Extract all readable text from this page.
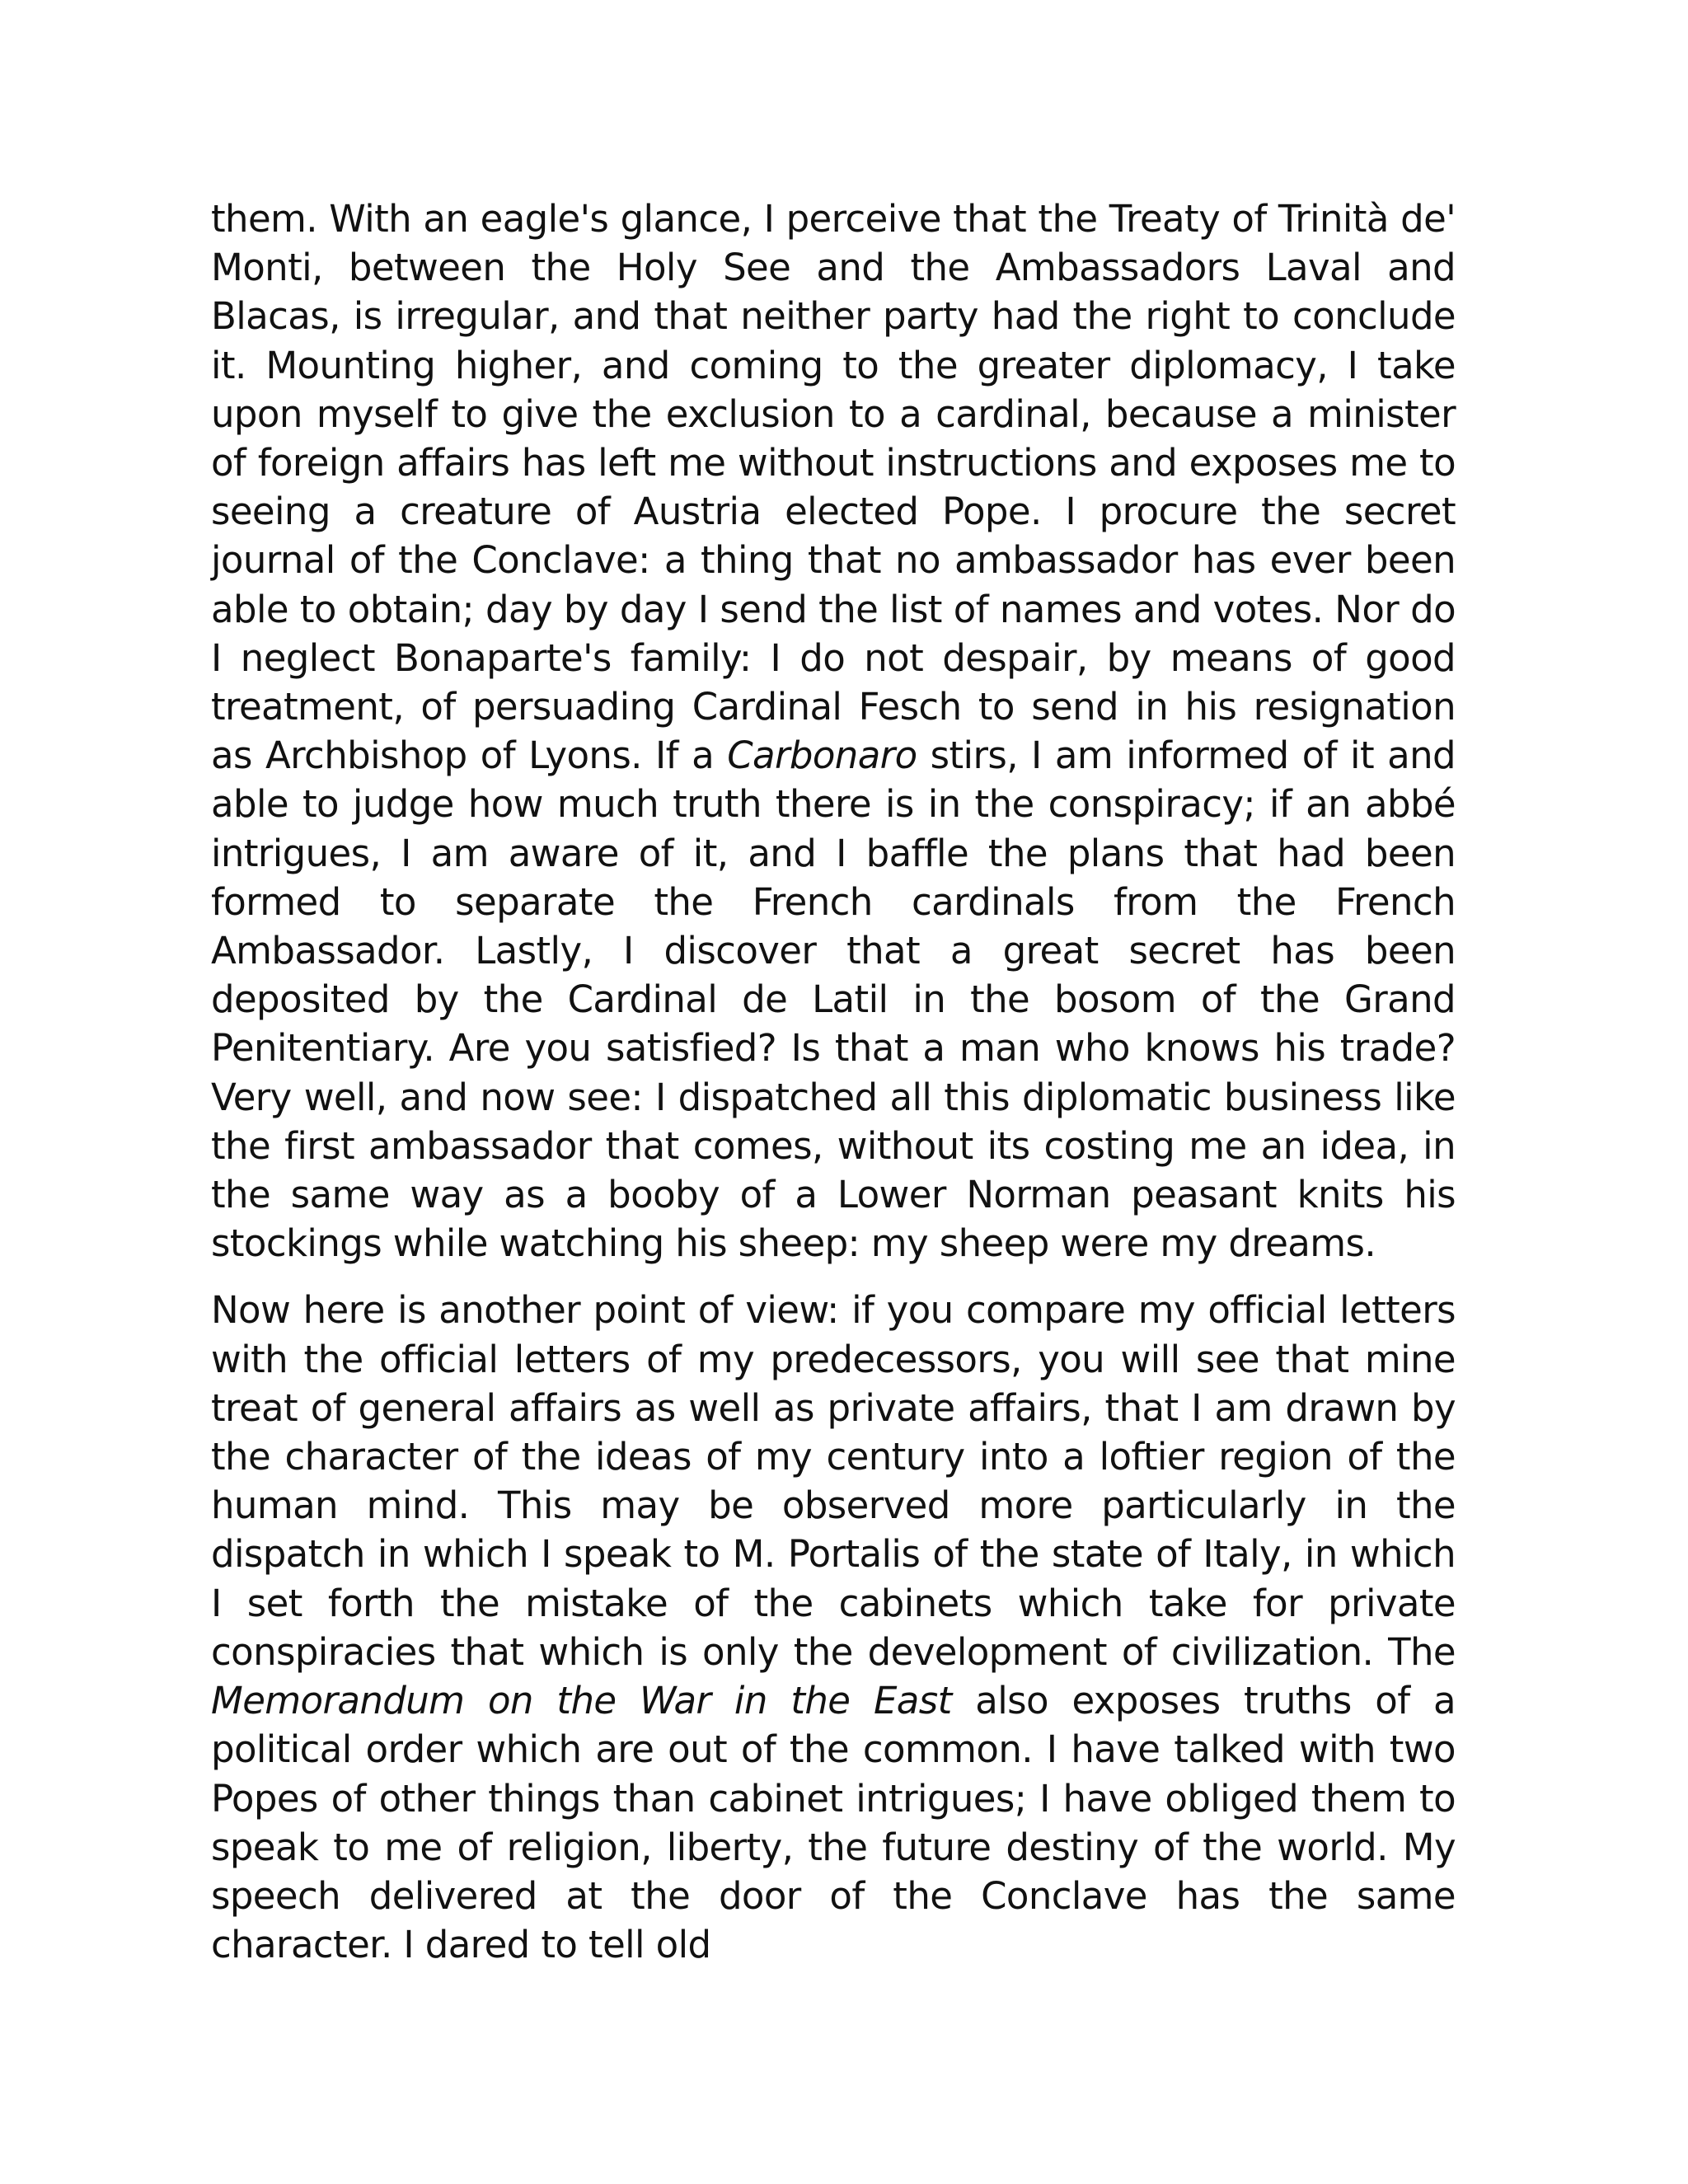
them. With an eagle's glance, I perceive that the Treaty of Trinità de' Monti, between the Holy See and the Ambassadors Laval and Blacas, is irregular, and that neither party had the right to conclude it. Mounting higher, and coming to the greater diplomacy, I take upon myself to give the exclusion to a cardinal, because a minister of foreign affairs has left me without instructions and exposes me to seeing a creature of Austria elected Pope. I procure the secret journal of the Conclave: a thing that no ambassador has ever been able to obtain; day by day I send the list of names and votes. Nor do I neglect Bonaparte's family: I do not despair, by means of good treatment, of persuading Cardinal Fesch to send in his resignation as Archbishop of Lyons. If a Carbonaro stirs, I am informed of it and able to judge how much truth there is in the conspiracy; if an abbé intrigues, I am aware of it, and I baffle the plans that had been formed to separate the French cardinals from the French Ambassador. Lastly, I discover that a great secret has been deposited by the Cardinal de Latil in the bosom of the Grand Penitentiary. Are you satisfied? Is that a man who knows his trade? Very well, and now see: I dispatched all this diplomatic business like the first ambassador that comes, without its costing me an idea, in the same way as a booby of a Lower Norman peasant knits his stockings while watching his sheep: my sheep were my dreams.

Now here is another point of view: if you compare my official letters with the official letters of my predecessors, you will see that mine treat of general affairs as well as private affairs, that I am drawn by the character of the ideas of my century into a loftier region of the human mind. This may be observed more particularly in the dispatch in which I speak to M. Portalis of the state of Italy, in which I set forth the mistake of the cabinets which take for private conspiracies that which is only the development of civilization. The Memorandum on the War in the East also exposes truths of a political order which are out of the common. I have talked with two Popes of other things than cabinet intrigues; I have obliged them to speak to me of religion, liberty, the future destiny of the world. My speech delivered at the door of the Conclave has the same character. I dared to tell old
